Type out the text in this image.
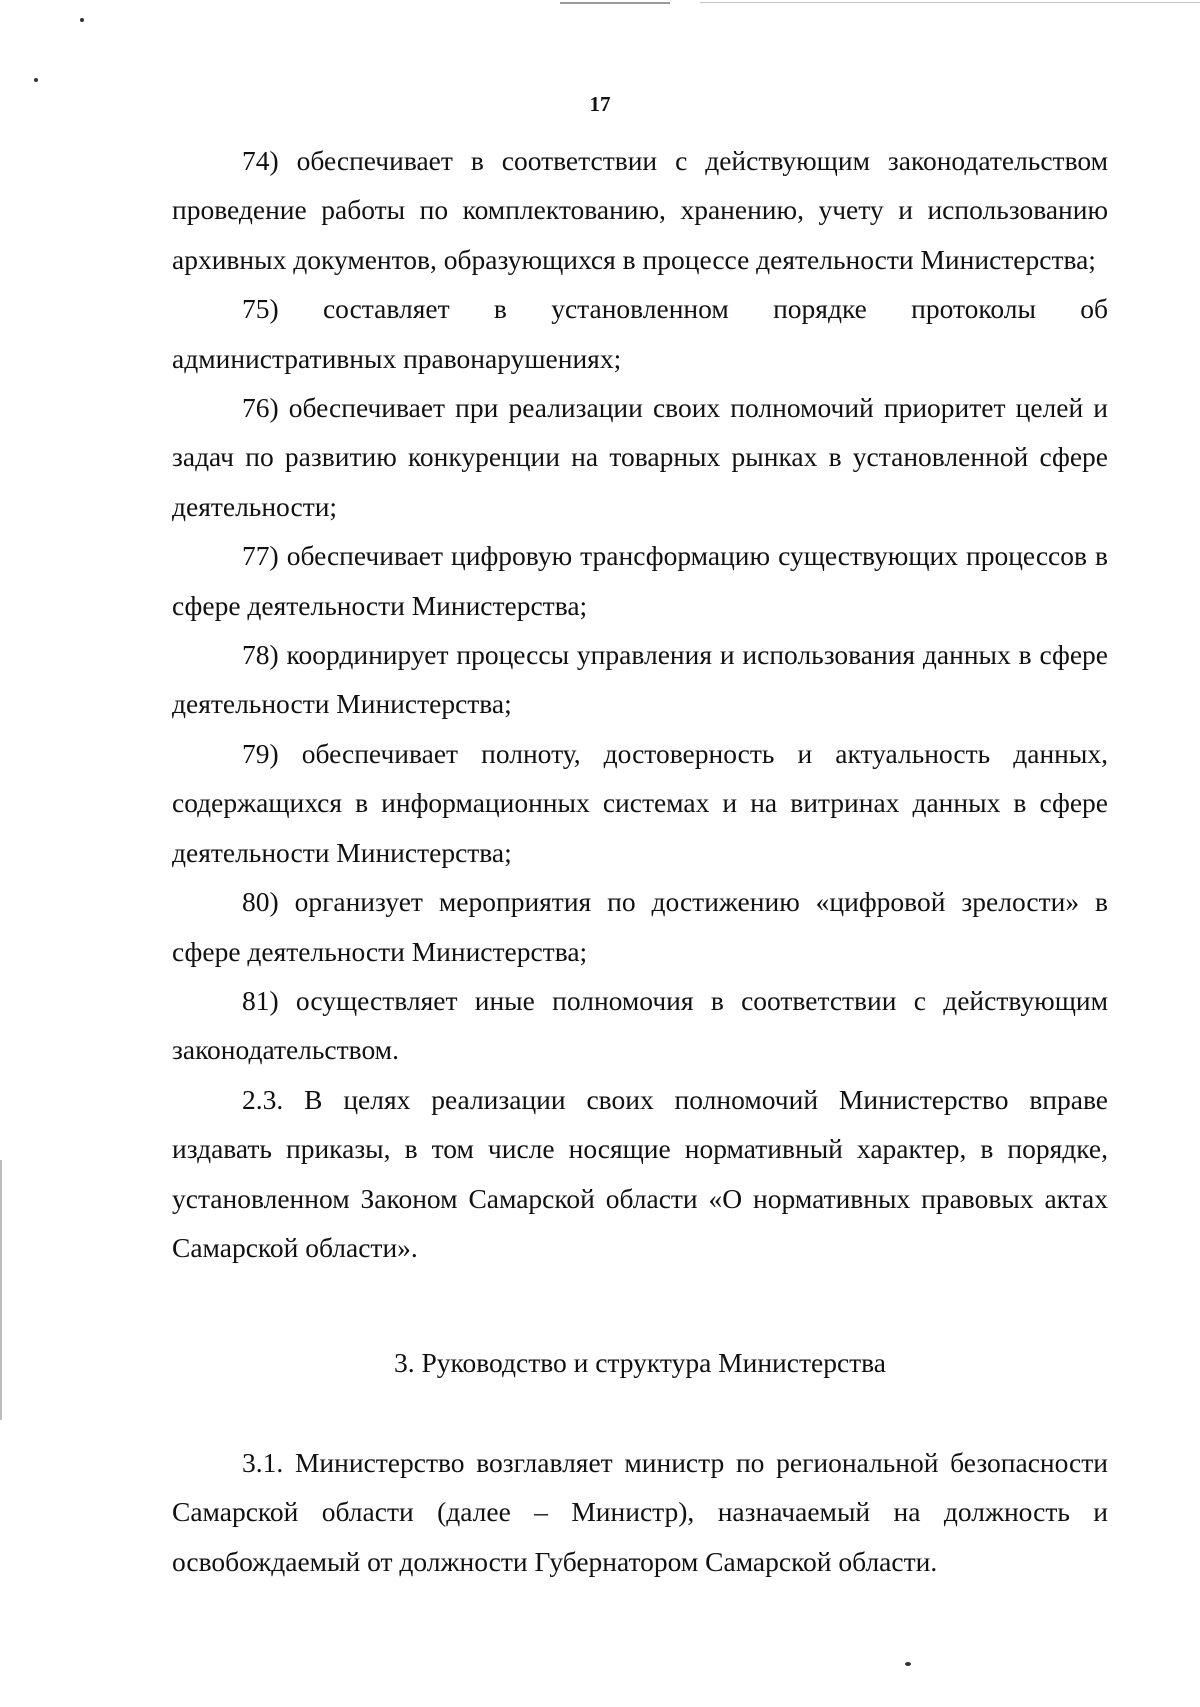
17

74) обеспечивает в соответствии с действующим законодательством проведение работы по комплектованию, хранению, учету и использованию архивных документов, образующихся в процессе деятельности Министерства;

75) составляет в установленном порядке протоколы об административных правонарушениях;

76) обеспечивает при реализации своих полномочий приоритет целей и задач по развитию конкуренции на товарных рынках в установленной сфере деятельности;

77) обеспечивает цифровую трансформацию существующих процессов в сфере деятельности Министерства;

78) координирует процессы управления и использования данных в сфере деятельности Министерства;

79) обеспечивает полноту, достоверность и актуальность данных, содержащихся в информационных системах и на витринах данных в сфере деятельности Министерства;

80) организует мероприятия по достижению «цифровой зрелости» в сфере деятельности Министерства;

81) осуществляет иные полномочия в соответствии с действующим законодательством.

2.3. В целях реализации своих полномочий Министерство вправе издавать приказы, в том числе носящие нормативный характер, в порядке, установленном Законом Самарской области «О нормативных правовых актах Самарской области».

3. Руководство и структура Министерства

3.1. Министерство возглавляет министр по региональной безопасности Самарской области (далее – Министр), назначаемый на должность и освобождаемый от должности Губернатором Самарской области.
